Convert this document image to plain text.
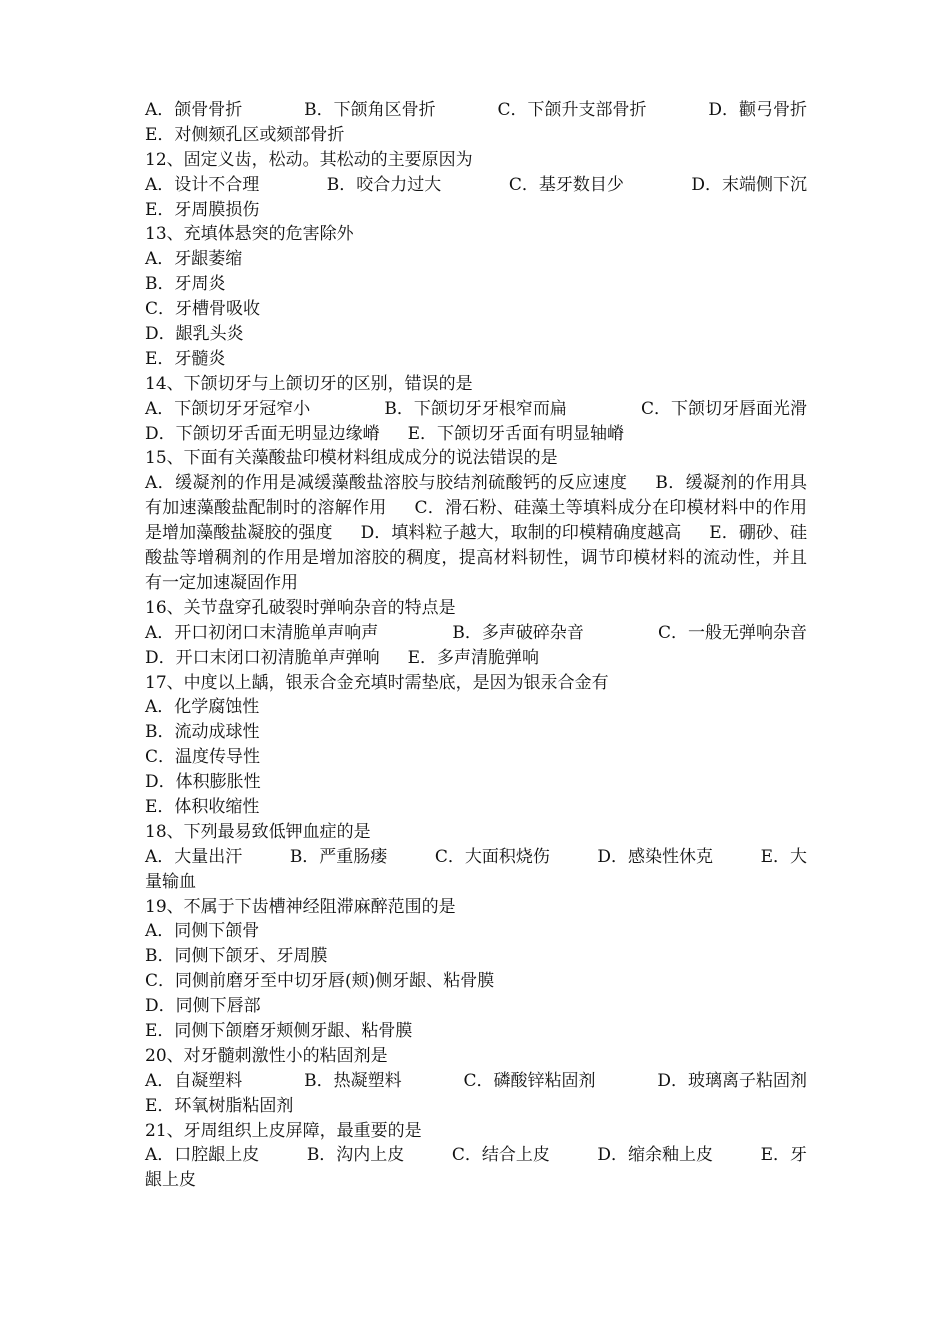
A．颌骨骨折	B．下颌角区骨折	C．下颌升支部骨折	D．颧弓骨折
E．对侧颏孔区或颏部骨折
12、固定义齿，松动。其松动的主要原因为
A．设计不合理	B．咬合力过大	C．基牙数目少	D．末端侧下沉
E．牙周膜损伤
13、充填体悬突的危害除外
A．牙龈萎缩
B．牙周炎
C．牙槽骨吸收
D．龈乳头炎
E．牙髓炎
14、下颌切牙与上颌切牙的区别，错误的是
A．下颌切牙牙冠窄小	B．下颌切牙牙根窄而扁	C．下颌切牙唇面光滑
D．下颌切牙舌面无明显边缘嵴 E．下颌切牙舌面有明显轴嵴
15、下面有关藻酸盐印模材料组成成分的说法错误的是
A．缓凝剂的作用是减缓藻酸盐溶胶与胶结剂硫酸钙的反应速度 B．缓凝剂的作用具有加速藻酸盐配制时的溶解作用 C．滑石粉、硅藻土等填料成分在印模材料中的作用是增加藻酸盐凝胶的强度 D．填料粒子越大，取制的印模精确度越高 E．硼砂、硅酸盐等增稠剂的作用是增加溶胶的稠度，提高材料韧性，调节印模材料的流动性，并且有一定加速凝固作用
16、关节盘穿孔破裂时弹响杂音的特点是
A．开口初闭口末清脆单声响声	B．多声破碎杂音	C．一般无弹响杂音
D．开口末闭口初清脆单声弹响 E．多声清脆弹响
17、中度以上龋，银汞合金充填时需垫底，是因为银汞合金有
A．化学腐蚀性
B．流动成球性
C．温度传导性
D．体积膨胀性
E．体积收缩性
18、下列最易致低钾血症的是
A．大量出汗	B．严重肠瘘	C．大面积烧伤	D．感染性休克	E．大
量输血
19、不属于下齿槽神经阻滞麻醉范围的是
A．同侧下颌骨
B．同侧下颌牙、牙周膜
C．同侧前磨牙至中切牙唇(颊)侧牙龈、粘骨膜
D．同侧下唇部
E．同侧下颌磨牙颊侧牙龈、粘骨膜
20、对牙髓刺激性小的粘固剂是
A．自凝塑料	B．热凝塑料	C．磷酸锌粘固剂	D．玻璃离子粘固剂
E．环氧树脂粘固剂
21、牙周组织上皮屏障，最重要的是
A．口腔龈上皮	B．沟内上皮	C．结合上皮	D．缩余釉上皮	E．牙
龈上皮
